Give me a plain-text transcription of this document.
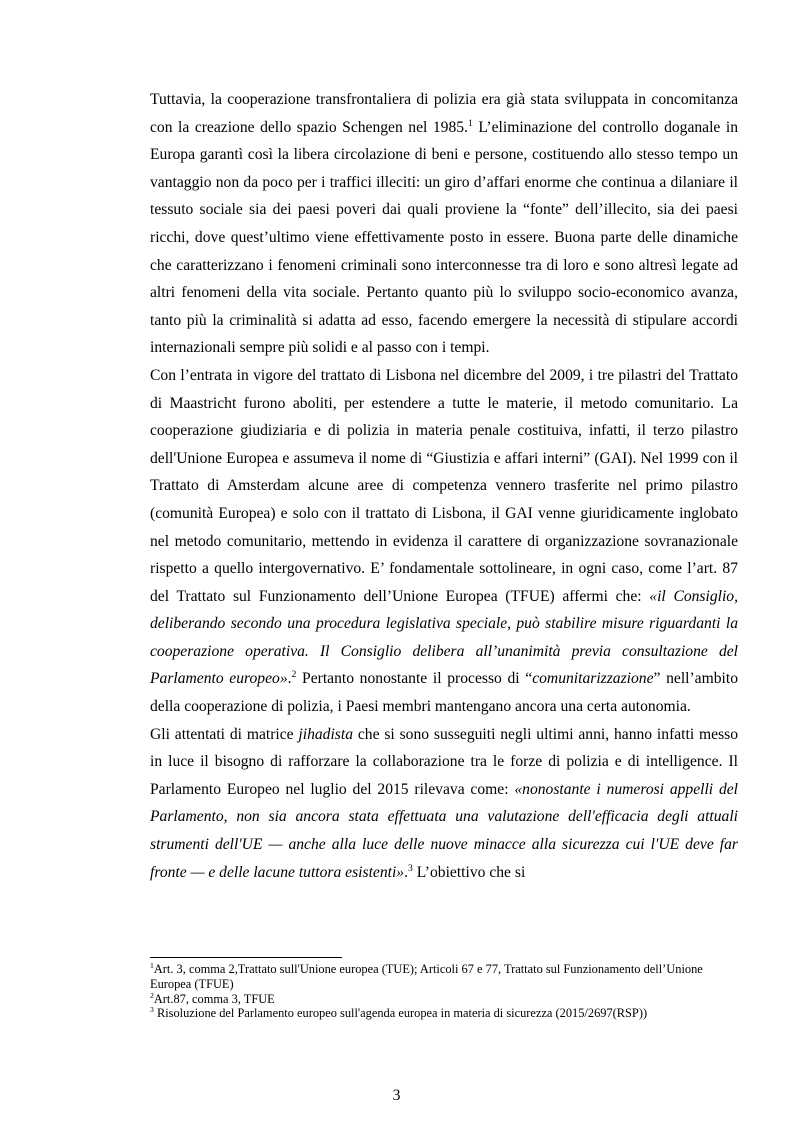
Tuttavia, la cooperazione transfrontaliera di polizia era già stata sviluppata in concomitanza con la creazione dello spazio Schengen nel 1985.$^1$ L’eliminazione del controllo doganale in Europa garantì così la libera circolazione di beni e persone, costituendo allo stesso tempo un vantaggio non da poco per i traffici illeciti: un giro d’affari enorme che continua a dilaniare il tessuto sociale sia dei paesi poveri dai quali proviene la “fonte” dell’illecito, sia dei paesi ricchi, dove quest’ultimo viene effettivamente posto in essere. Buona parte delle dinamiche che caratterizzano i fenomeni criminali sono interconnesse tra di loro e sono altresì legate ad altri fenomeni della vita sociale. Pertanto quanto più lo sviluppo socio-economico avanza, tanto più la criminalità si adatta ad esso, facendo emergere la necessità di stipulare accordi internazionali sempre più solidi e al passo con i tempi.

Con l’entrata in vigore del trattato di Lisbona nel dicembre del 2009, i tre pilastri del Trattato di Maastricht furono aboliti, per estendere a tutte le materie, il metodo comunitario. La cooperazione giudiziaria e di polizia in materia penale costituiva, infatti, il terzo pilastro dell'Unione Europea e assumeva il nome di “Giustizia e affari interni” (GAI). Nel 1999 con il Trattato di Amsterdam alcune aree di competenza vennero trasferite nel primo pilastro (comunità Europea) e solo con il trattato di Lisbona, il GAI venne giuridicamente inglobato nel metodo comunitario, mettendo in evidenza il carattere di organizzazione sovranazionale rispetto a quello intergovernativo. E’ fondamentale sottolineare, in ogni caso, come l’art. 87 del Trattato sul Funzionamento dell’Unione Europea (TFUE) affermi che: «il Consiglio, deliberando secondo una procedura legislativa speciale, può stabilire misure riguardanti la cooperazione operativa. Il Consiglio delibera all’unanimità previa consultazione del Parlamento europeo».$^2$ Pertanto nonostante il processo di “comunitarizzazione” nell’ambito della cooperazione di polizia, i Paesi membri mantengano ancora una certa autonomia.

Gli attentati di matrice jihadista che si sono susseguiti negli ultimi anni, hanno infatti messo in luce il bisogno di rafforzare la collaborazione tra le forze di polizia e di intelligence. Il Parlamento Europeo nel luglio del 2015 rilevava come: «nonostante i numerosi appelli del Parlamento, non sia ancora stata effettuata una valutazione dell'efficacia degli attuali strumenti dell'UE — anche alla luce delle nuove minacce alla sicurezza cui l'UE deve far fronte — e delle lacune tuttora esistenti».$^3$ L’obiettivo che si

$^1$Art. 3, comma 2,Trattato sull'Unione europea (TUE); Articoli 67 e 77, Trattato sul Funzionamento dell’Unione Europea (TFUE)

$^2$Art.87, comma 3, TFUE

$^3$ Risoluzione del Parlamento europeo sull'agenda europea in materia di sicurezza (2015/2697(RSP))

3
